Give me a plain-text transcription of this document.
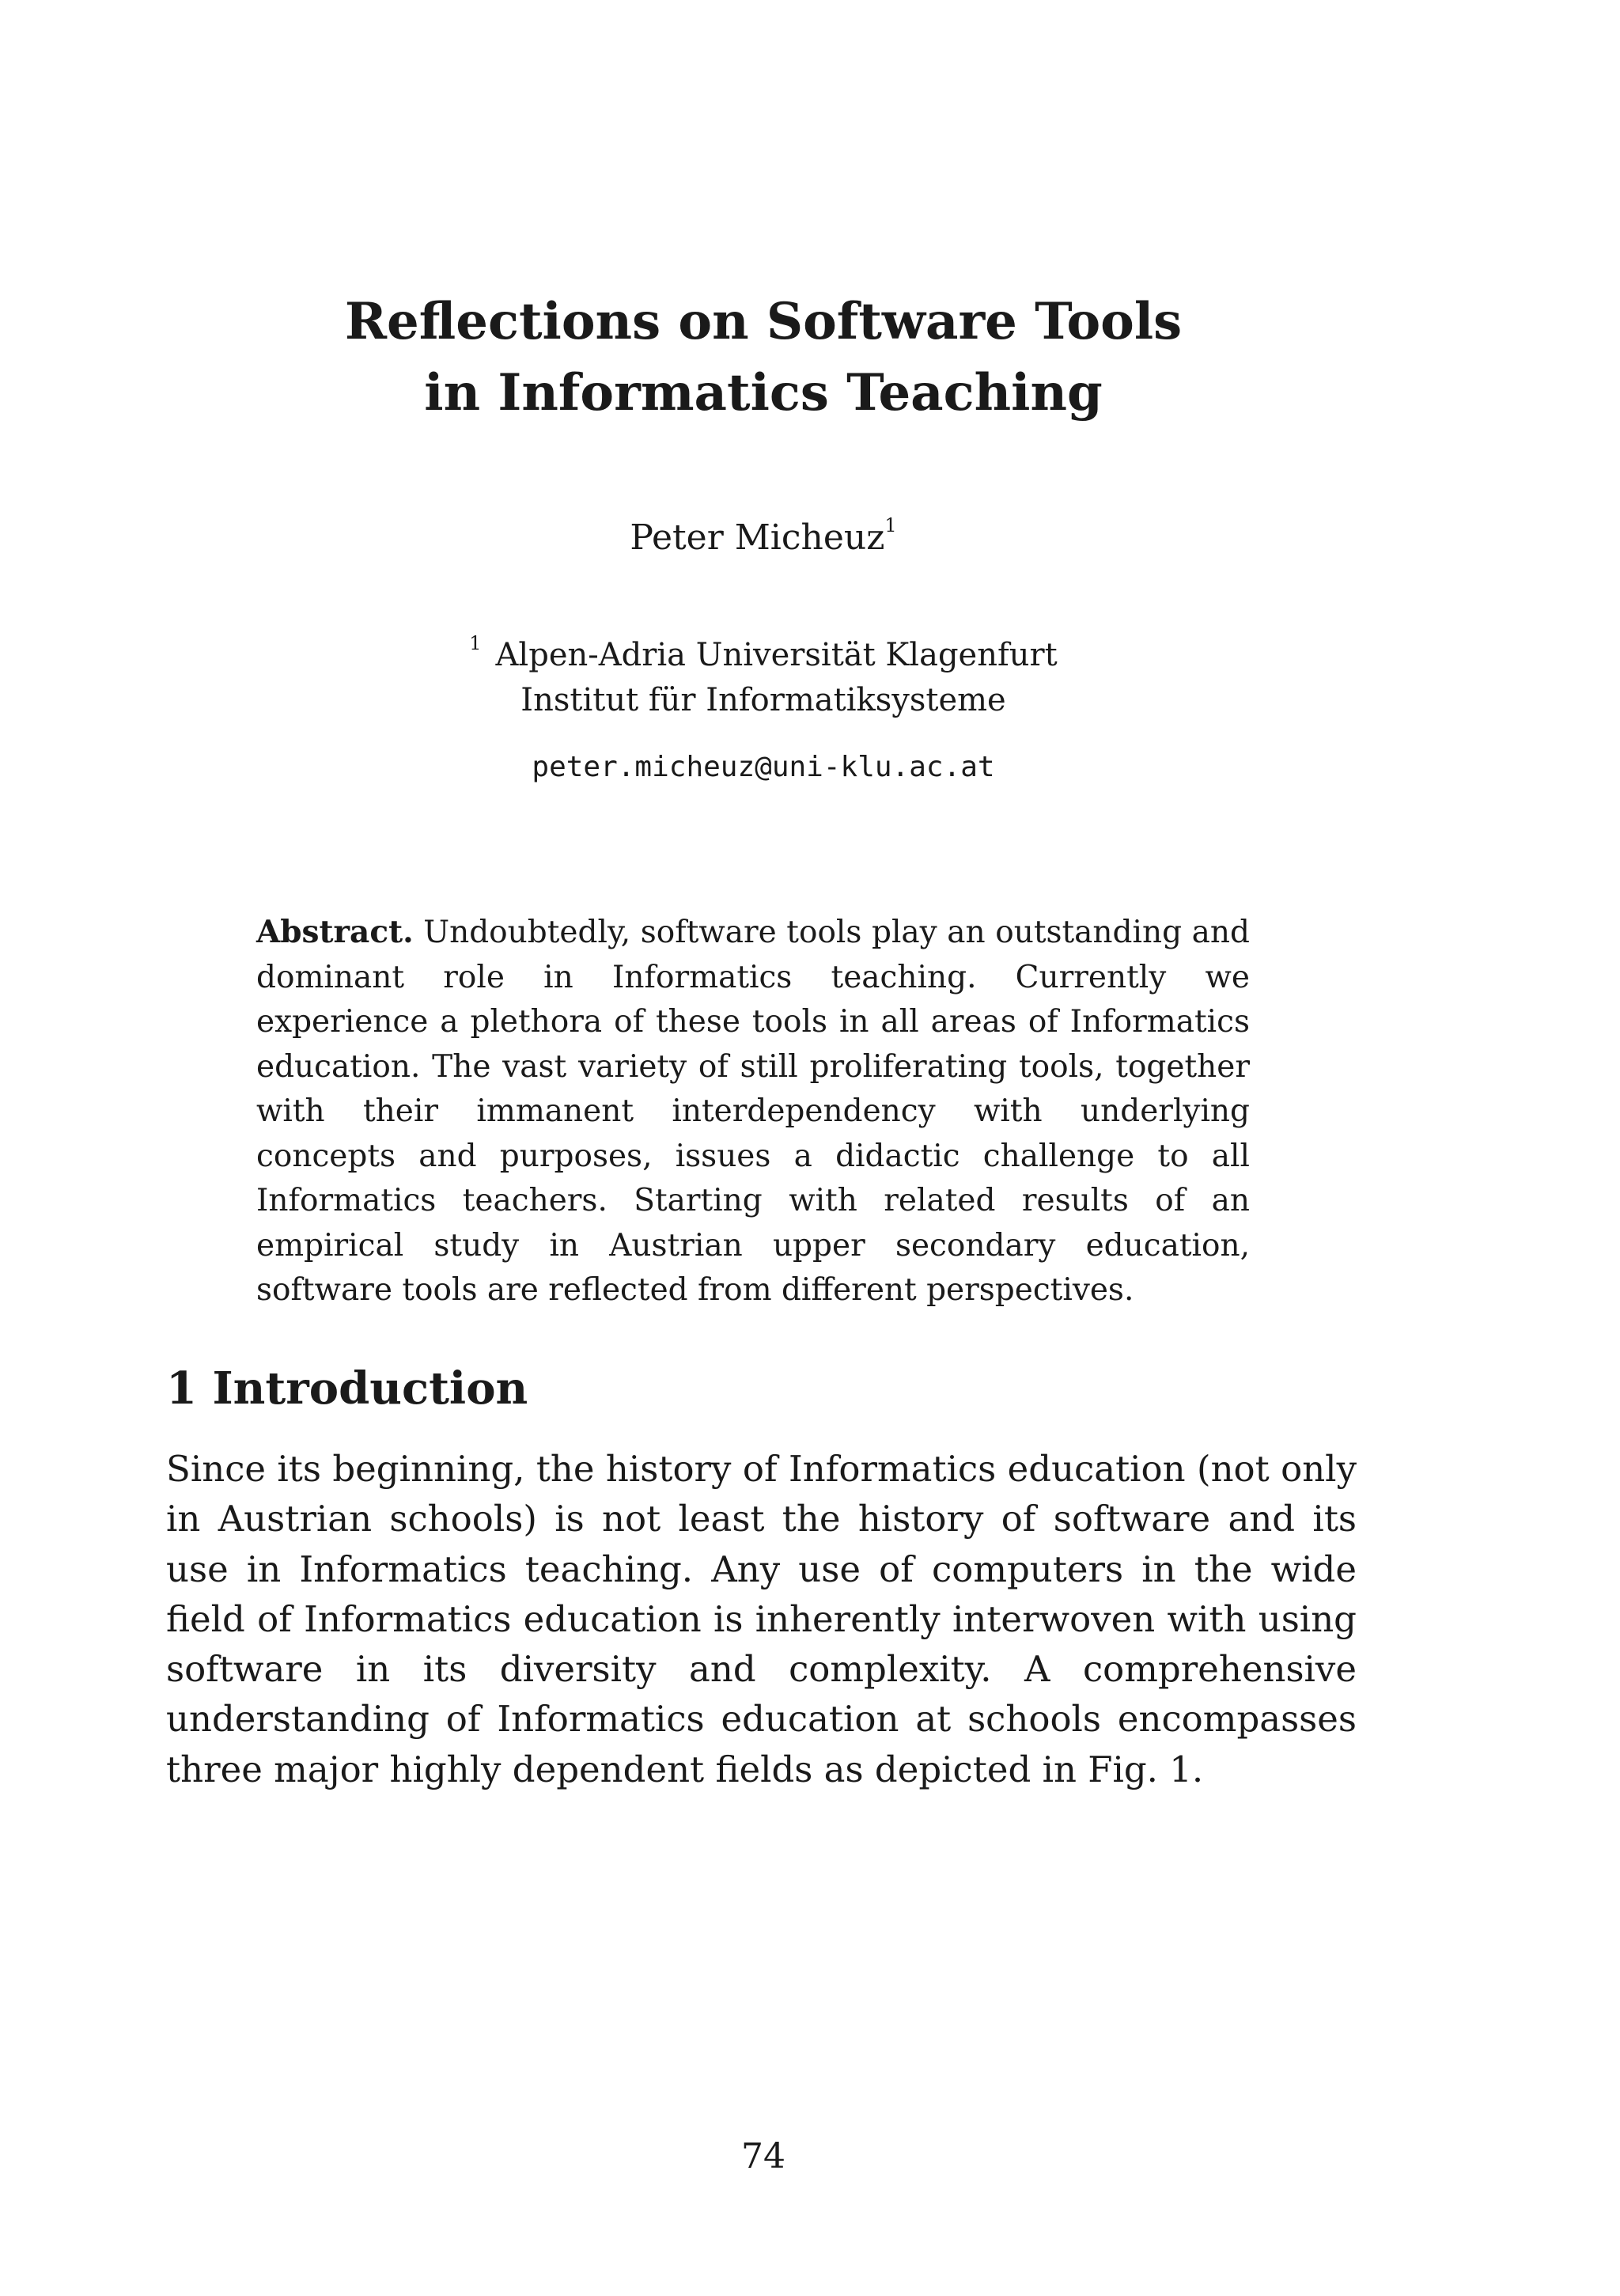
Reflections on Software Tools
in Informatics Teaching
Peter Micheuz$^1$
$^1$ Alpen-Adria Universität Klagenfurt
Institut für Informatiksysteme
peter.micheuz@uni-klu.ac.at

Abstract. Undoubtedly, software tools play an outstanding and dominant role in Informatics teaching. Currently we experience a plethora of these tools in all areas of Informatics education. The vast variety of still proliferating tools, together with their immanent interdependency with underlying concepts and purposes, issues a didactic challenge to all Informatics teachers. Starting with related results of an empirical study in Austrian upper secondary education, software tools are reflected from different perspectives.

1 Introduction

Since its beginning, the history of Informatics education (not only in Austrian schools) is not least the history of software and its use in Informatics teaching. Any use of computers in the wide field of Informatics education is inherently interwoven with using software in its diversity and complexity. A comprehensive understanding of Informatics education at schools encompasses three major highly dependent fields as depicted in Fig. 1.

74
